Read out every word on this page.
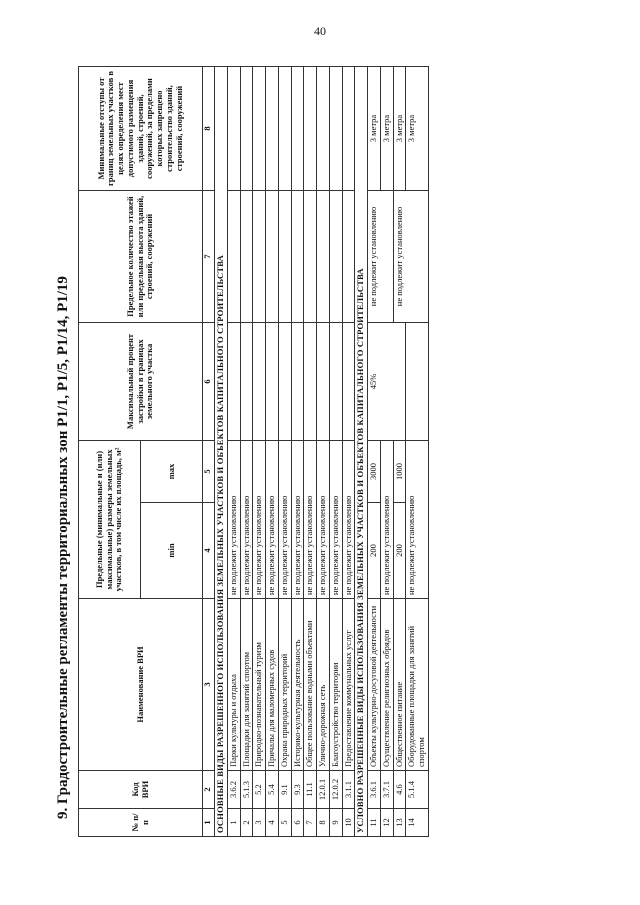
40
9. Градостроительные регламенты территориальных зон Р1/1, Р1/5, Р1/14, Р1/19
№ п/п	Код ВРИ	Наименование ВРИ	Предельные (минимальные и (или) максимальные) размеры земельных участков, в том числе их площадь, м²		Максимальный процент застройки в границах земельного участка	Предельное количество этажей или предельная высота зданий, строений, сооружений	Минимальные отступы от границ земельных участков в целях определения мест допустимого размещения зданий, строений, сооружений, за пределами которых запрещено строительство зданий, строений, сооружений
			min	max			
1	2	3	4	5	6	7	8
ОСНОВНЫЕ ВИДЫ РАЗРЕШЕННОГО ИСПОЛЬЗОВАНИЯ ЗЕМЕЛЬНЫХ УЧАСТКОВ И ОБЪЕКТОВ КАПИТАЛЬНОГО СТРОИТЕЛЬСТВА							
1	3.6.2	Парки культуры и отдыха	не подлежит установлению				
2	5.1.3	Площадки для занятий спортом	не подлежит установлению				
3	5.2	Природно-познавательный туризм	не подлежит установлению				
4	5.4	Причалы для маломерных судов	не подлежит установлению				
5	9.1	Охрана природных территорий	не подлежит установлению				
6	9.3	Историко-культурная деятельность	не подлежит установлению				
7	11.1	Общее пользование водными объектами	не подлежит установлению				
8	12.0.1	Улично-дорожная сеть	не подлежит установлению				
9	12.0.2	Благоустройство территории	не подлежит установлению				
10	3.1.1	Предоставление коммунальных услуг	не подлежит установлению				
УСЛОВНО РАЗРЕШЕННЫЕ ВИДЫ ИСПОЛЬЗОВАНИЯ ЗЕМЕЛЬНЫХ УЧАСТКОВ И ОБЪЕКТОВ КАПИТАЛЬНОГО СТРОИТЕЛЬСТВА							
11	3.6.1	Объекты культурно-досуговой деятельности	200	3000	45%	не подлежит установлению	3 метра
12	3.7.1	Осуществление религиозных обрядов	не подлежит установлению				3 метра
13	4.6	Общественное питание	200	1000		не подлежит установлению	3 метра
14	5.1.4	Оборудованные площадки для занятий спортом	не подлежит установлению				3 метра
